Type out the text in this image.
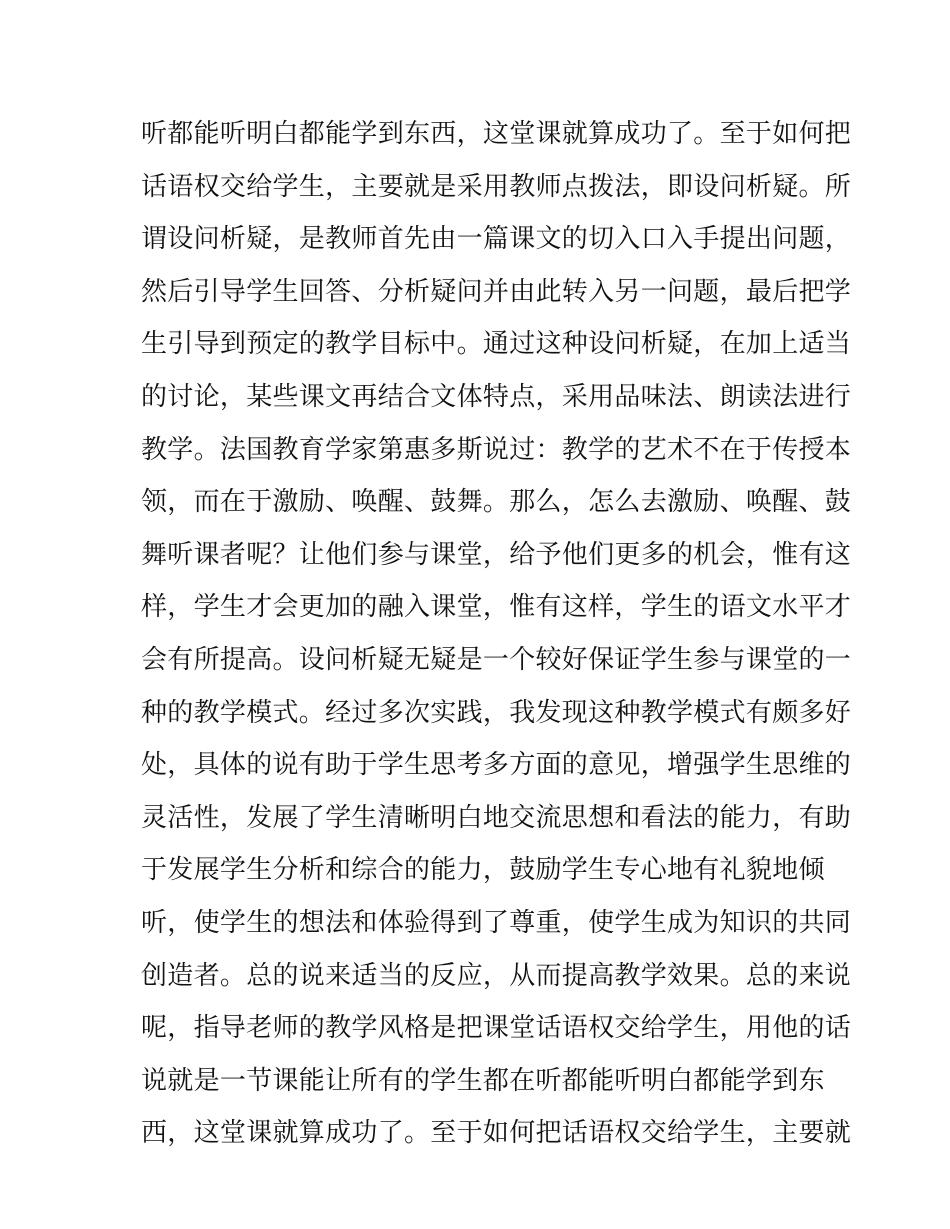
听都能听明白都能学到东西，这堂课就算成功了。至于如何把
话语权交给学生，主要就是采用教师点拨法，即设问析疑。所
谓设问析疑，是教师首先由一篇课文的切入口入手提出问题，
然后引导学生回答、分析疑问并由此转入另一问题，最后把学
生引导到预定的教学目标中。通过这种设问析疑，在加上适当
的讨论，某些课文再结合文体特点，采用品味法、朗读法进行
教学。法国教育学家第惠多斯说过：教学的艺术不在于传授本
领，而在于激励、唤醒、鼓舞。那么，怎么去激励、唤醒、鼓
舞听课者呢？让他们参与课堂，给予他们更多的机会，惟有这
样，学生才会更加的融入课堂，惟有这样，学生的语文水平才
会有所提高。设问析疑无疑是一个较好保证学生参与课堂的一
种的教学模式。经过多次实践，我发现这种教学模式有颇多好
处，具体的说有助于学生思考多方面的意见，增强学生思维的
灵活性，发展了学生清晰明白地交流思想和看法的能力，有助
于发展学生分析和综合的能力，鼓励学生专心地有礼貌地倾
听，使学生的想法和体验得到了尊重，使学生成为知识的共同
创造者。总的说来适当的反应，从而提高教学效果。总的来说
呢，指导老师的教学风格是把课堂话语权交给学生，用他的话
说就是一节课能让所有的学生都在听都能听明白都能学到东
西，这堂课就算成功了。至于如何把话语权交给学生，主要就
